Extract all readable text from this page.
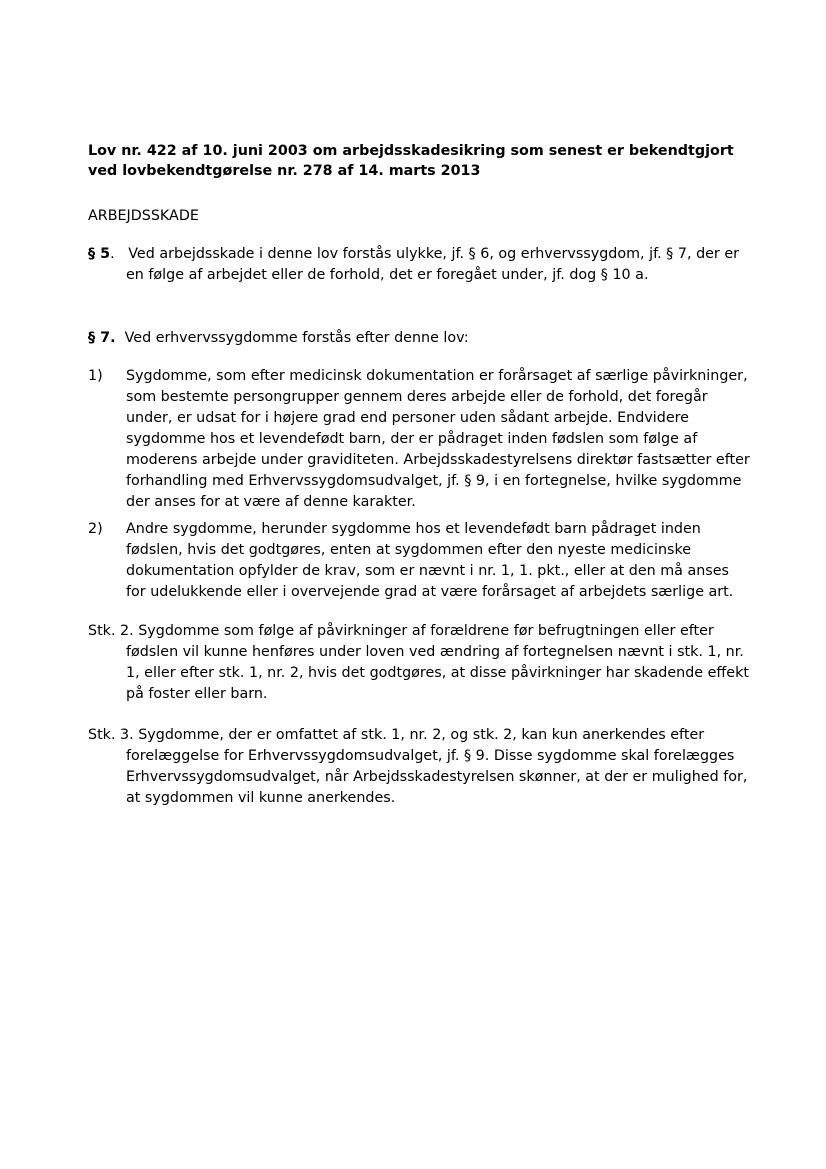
Lov nr. 422 af 10. juni 2003 om arbejdsskadesikring som senest er bekendtgjort ved lovbekendtgørelse nr. 278 af 14. marts 2013

ARBEJDSSKADE
§ 5. Ved arbejdsskade i denne lov forstås ulykke, jf. § 6, og erhvervssygdom, jf. § 7, der er en følge af arbejdet eller de forhold, det er foregået under, jf. dog § 10 a.
§ 7. Ved erhvervssygdomme forstås efter denne lov:
1)	Sygdomme, som efter medicinsk dokumentation er forårsaget af særlige påvirkninger, som bestemte persongrupper gennem deres arbejde eller de forhold, det foregår under, er udsat for i højere grad end personer uden sådant arbejde. Endvidere sygdomme hos et levendefødt barn, der er pådraget inden fødslen som følge af moderens arbejde under graviditeten. Arbejdsskadestyrelsens direktør fastsætter efter forhandling med Erhvervssygdomsudvalget, jf. § 9, i en fortegnelse, hvilke sygdomme der anses for at være af denne karakter.
2)	Andre sygdomme, herunder sygdomme hos et levendefødt barn pådraget inden fødslen, hvis det godtgøres, enten at sygdommen efter den nyeste medicinske dokumentation opfylder de krav, som er nævnt i nr. 1, 1. pkt., eller at den må anses for udelukkende eller i overvejende grad at være forårsaget af arbejdets særlige art.
Stk. 2. Sygdomme som følge af påvirkninger af forældrene før befrugtningen eller efter fødslen vil kunne henføres under loven ved ændring af fortegnelsen nævnt i stk. 1, nr. 1, eller efter stk. 1, nr. 2, hvis det godtgøres, at disse påvirkninger har skadende effekt på foster eller barn.
Stk. 3. Sygdomme, der er omfattet af stk. 1, nr. 2, og stk. 2, kan kun anerkendes efter forelæggelse for Erhvervssygdomsudvalget, jf. § 9. Disse sygdomme skal forelægges Erhvervssygdomsudvalget, når Arbejdsskadestyrelsen skønner, at der er mulighed for, at sygdommen vil kunne anerkendes.
